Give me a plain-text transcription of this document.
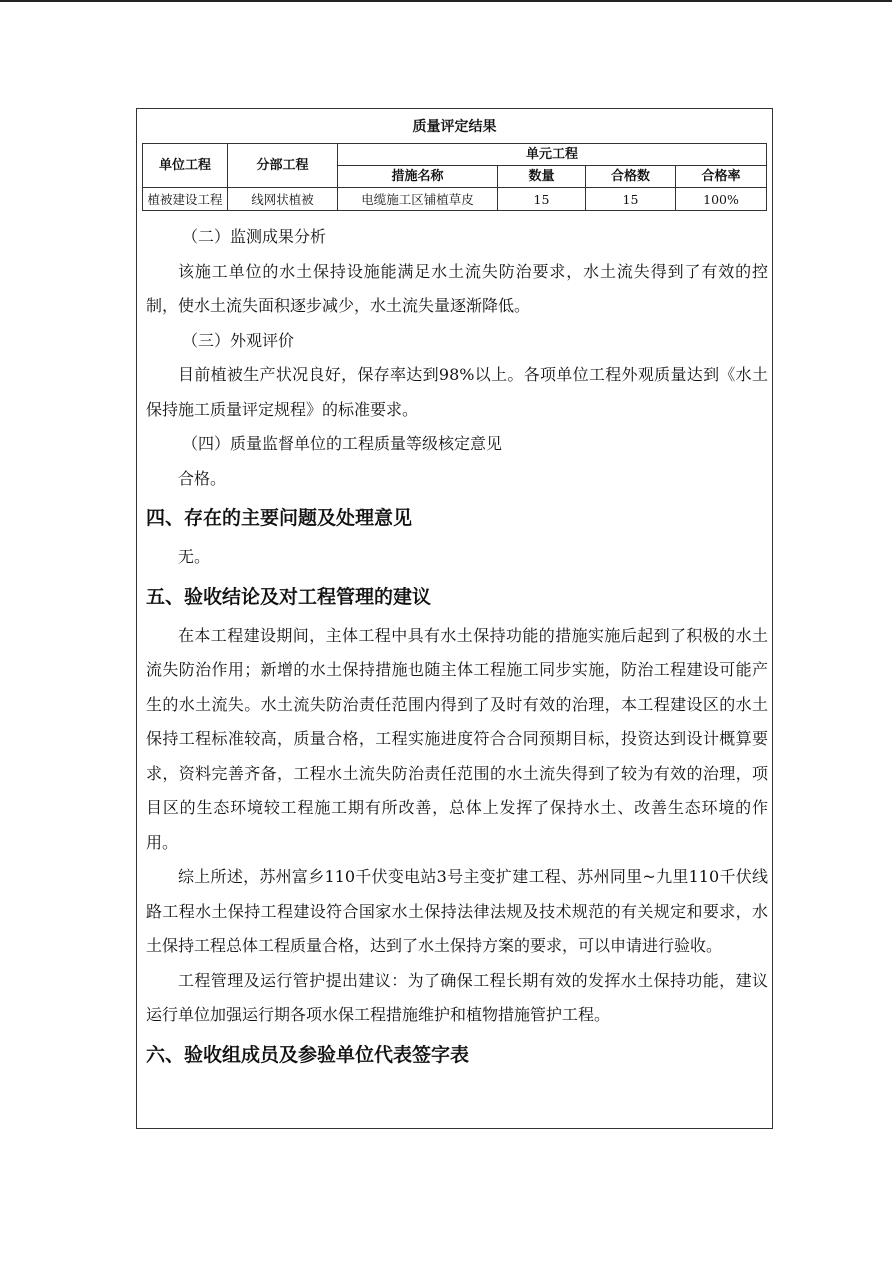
质量评定结果					
单位工程	分部工程	单元工程			
		措施名称	数量	合格数	合格率
植被建设工程	线网状植被	电缆施工区铺植草皮	15	15	100%

（二）监测成果分析

该施工单位的水土保持设施能满足水土流失防治要求，水土流失得到了有效的控制，使水土流失面积逐步减少，水土流失量逐渐降低。

（三）外观评价

目前植被生产状况良好，保存率达到98%以上。各项单位工程外观质量达到《水土保持施工质量评定规程》的标准要求。

（四）质量监督单位的工程质量等级核定意见

合格。

四、存在的主要问题及处理意见

无。

五、验收结论及对工程管理的建议

在本工程建设期间，主体工程中具有水土保持功能的措施实施后起到了积极的水土流失防治作用；新增的水土保持措施也随主体工程施工同步实施，防治工程建设可能产生的水土流失。水土流失防治责任范围内得到了及时有效的治理，本工程建设区的水土保持工程标准较高，质量合格，工程实施进度符合合同预期目标，投资达到设计概算要求，资料完善齐备，工程水土流失防治责任范围的水土流失得到了较为有效的治理，项目区的生态环境较工程施工期有所改善，总体上发挥了保持水土、改善生态环境的作用。

综上所述，苏州富乡110千伏变电站3号主变扩建工程、苏州同里~九里110千伏线路工程水土保持工程建设符合国家水土保持法律法规及技术规范的有关规定和要求，水土保持工程总体工程质量合格，达到了水土保持方案的要求，可以申请进行验收。

工程管理及运行管护提出建议：为了确保工程长期有效的发挥水土保持功能，建议运行单位加强运行期各项水保工程措施维护和植物措施管护工程。

六、验收组成员及参验单位代表签字表
